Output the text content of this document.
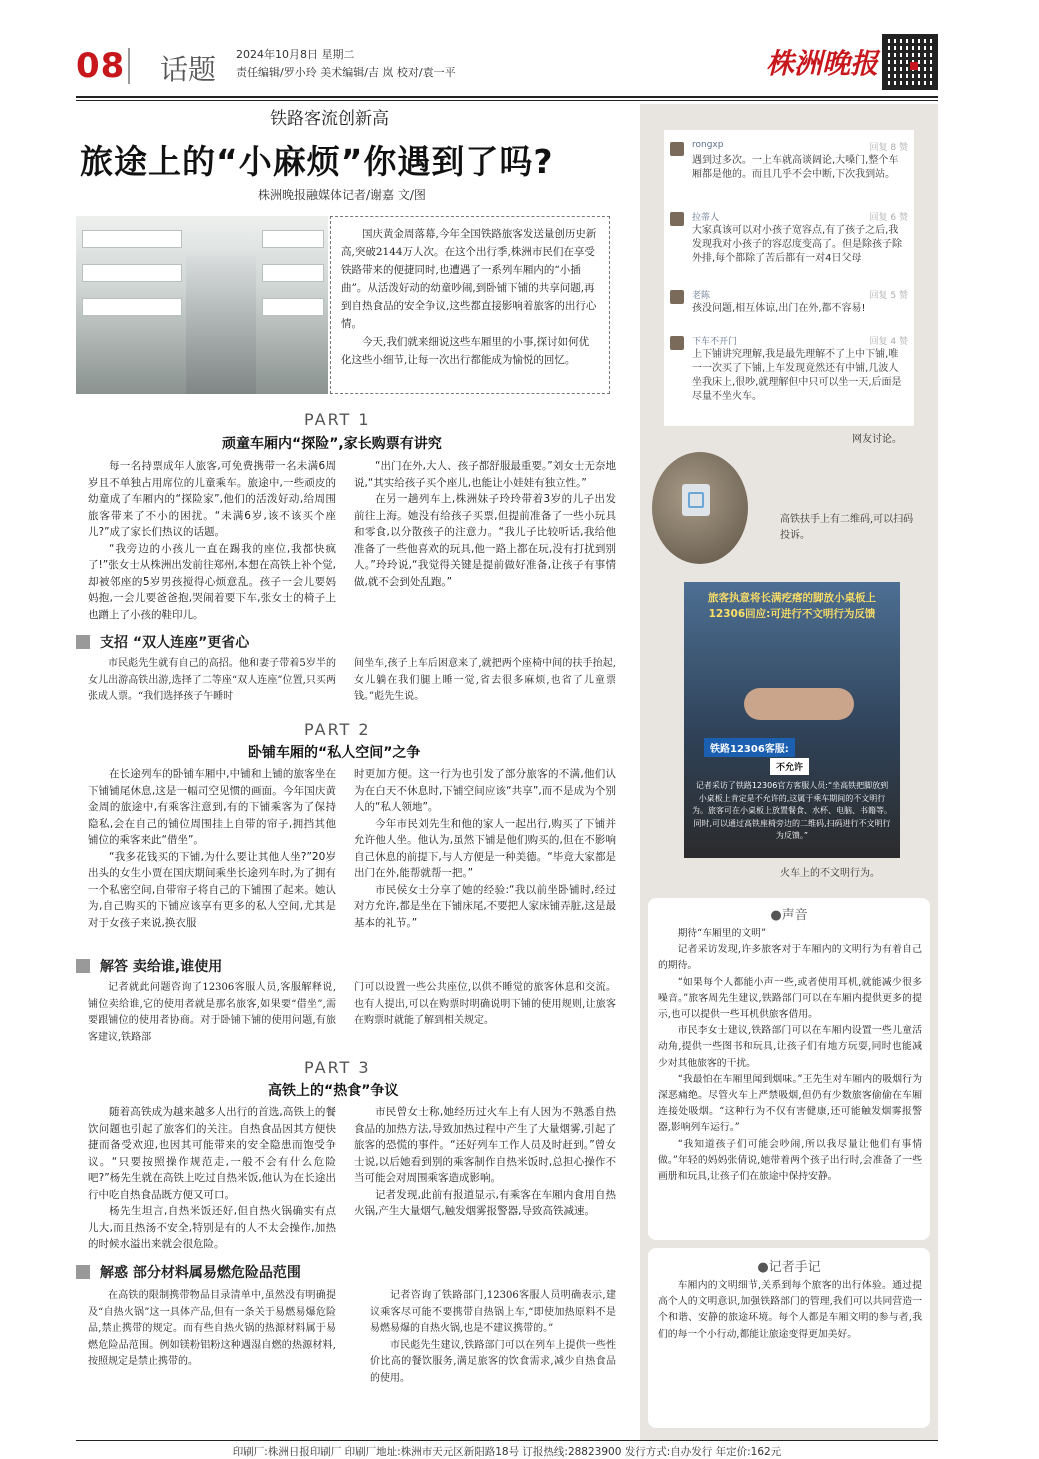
08 话题 2024年10月8日 星期二
责任编辑/罗小玲 美术编辑/吉 岚 校对/袁一平	株洲晚报
铁路客流创新高
旅途上的“小麻烦”你遇到了吗?
株洲晚报融媒体记者/谢嘉 文/图

国庆黄金周落幕,今年全国铁路旅客发送量创历史新高,突破2144万人次。在这个出行季,株洲市民们在享受铁路带来的便捷同时,也遭遇了一系列车厢内的“小插曲”。从活泼好动的幼童吵闹,到卧铺下铺的共享问题,再到自热食品的安全争议,这些都直接影响着旅客的出行心情。

今天,我们就来细说这些车厢里的小事,探讨如何优化这些小细节,让每一次出行都能成为愉悦的回忆。

PART 1
顽童车厢内“探险”,家长购票有讲究

每一名持票成年人旅客,可免费携带一名未满6周岁且不单独占用席位的儿童乘车。旅途中,一些顽皮的幼童成了车厢内的“探险家”,他们的活泼好动,给周围旅客带来了不小的困扰。“未满6岁,该不该买个座儿?”成了家长们热议的话题。

“我旁边的小孩儿一直在踢我的座位,我都快疯了!”张女士从株洲出发前往郑州,本想在高铁上补个觉,却被邻座的5岁男孩搅得心烦意乱。孩子一会儿要妈妈抱,一会儿要爸爸抱,哭闹着要下车,张女士的椅子上也蹭上了小孩的鞋印儿。

“出门在外,大人、孩子都舒服最重要。”刘女士无奈地说,“其实给孩子买个座儿,也能让小娃娃有独立性。”

在另一趟列车上,株洲妹子玲玲带着3岁的儿子出发前往上海。她没有给孩子买票,但提前准备了一些小玩具和零食,以分散孩子的注意力。“我儿子比较听话,我给他准备了一些他喜欢的玩具,他一路上都在玩,没有打扰到别人。”玲玲说,“我觉得关键是提前做好准备,让孩子有事情做,就不会到处乱跑。”

支招 “双人连座”更省心

市民彪先生就有自己的高招。他和妻子带着5岁半的女儿出游高铁出游,选择了二等座“双人连座”位置,只买两张成人票。“我们选择孩子午睡时

间坐车,孩子上车后困意来了,就把两个座椅中间的扶手抬起,女儿躺在我们腿上睡一觉,省去很多麻烦,也省了儿童票钱。”彪先生说。
PART 2
卧铺车厢的“私人空间”之争

在长途列车的卧铺车厢中,中铺和上铺的旅客坐在下铺铺尾休息,这是一幅司空见惯的画面。今年国庆黄金周的旅途中,有乘客注意到,有的下铺乘客为了保持隐私,会在自己的铺位周围挂上自带的帘子,拥挡其他铺位的乘客来此“借坐”。

“我多花钱买的下铺,为什么要让其他人坐?”20岁出头的女生小贾在国庆期间乘坐长途列车时,为了拥有一个私密空间,自带帘子将自己的下铺围了起来。她认为,自己购买的下铺应该享有更多的私人空间,尤其是对于女孩子来说,换衣服

时更加方便。这一行为也引发了部分旅客的不满,他们认为在白天不休息时,下铺空间应该“共享”,而不是成为个别人的“私人领地”。

今年市民刘先生和他的家人一起出行,购买了下铺并允许他人坐。他认为,虽然下铺是他们购买的,但在不影响自己休息的前提下,与人方便是一种美德。“毕竟大家都是出门在外,能帮就帮一把。”

市民侯女士分享了她的经验:“我以前坐卧铺时,经过对方允许,都是坐在下铺床尾,不要把人家床铺弄脏,这是最基本的礼节。”

解答 卖给谁,谁使用

记者就此问题咨询了12306客服人员,客服解释说,铺位卖给谁,它的使用者就是那名旅客,如果要“借坐”,需要跟铺位的使用者协商。对于卧铺下铺的使用问题,有旅客建议,铁路部

门可以设置一些公共座位,以供不睡觉的旅客休息和交流。也有人提出,可以在购票时明确说明下铺的使用规则,让旅客在购票时就能了解到相关规定。
PART 3
高铁上的“热食”争议

随着高铁成为越来越多人出行的首选,高铁上的餐饮问题也引起了旅客们的关注。自热食品因其方便快捷而备受欢迎,也因其可能带来的安全隐患而饱受争议。“只要按照操作规范走,一般不会有什么危险吧?”杨先生就在高铁上吃过自热米饭,他认为在长途出行中吃自热食品既方便又可口。

杨先生坦言,自热米饭还好,但自热火锅确实有点儿大,而且热汤不安全,特别是有的人不太会操作,加热的时候水溢出来就会很危险。

市民曾女士称,她经历过火车上有人因为不熟悉自热食品的加热方法,导致加热过程中产生了大量烟雾,引起了旅客的恐慌的事件。“还好列车工作人员及时赶到。”曾女士说,以后她看到别的乘客制作自热米饭时,总担心操作不当可能会对周围乘客造成影响。

记者发现,此前有报道显示,有乘客在车厢内食用自热火锅,产生大量烟气,触发烟雾报警器,导致高铁减速。

解惑 部分材料属易燃危险品范围

在高铁的限制携带物品目录清单中,虽然没有明确提及“自热火锅”这一具体产品,但有一条关于易燃易爆危险品,禁止携带的规定。而有些自热火锅的热源材料属于易燃危险品范围。例如镁粉铝粉这种遇湿自燃的热源材料,按照规定是禁止携带的。

记者咨询了铁路部门,12306客服人员明确表示,建议乘客尽可能不要携带自热锅上车,“即使加热原料不是易燃易爆的自热火锅,也是不建议携带的。”

市民彪先生建议,铁路部门可以在列车上提供一些性价比高的餐饮服务,满足旅客的饮食需求,减少自热食品的使用。

rongxp	回复 8 赞
遇到过多次。一上车就高谈阔论,大嗓门,整个车厢都是他的。而且几乎不会中断,下次我到站。
拉蒂人	回复 6 赞
大家真该可以对小孩子宽容点,有了孩子之后,我发现我对小孩子的容忍度变高了。但是除孩子除外排,每个都除了苦后都有一对4日父母
老陈	回复 5 赞
孩没问题,相互体谅,出门在外,都不容易!
下车不开门	回复 4 赞
上下铺讲究理解,我是最先理解不了上中下铺,唯一一次买了下铺,上车发现竟然还有中铺,几波人坐我床上,很吵,就理解但中只可以坐一天,后面是尽量不坐火车。
网友讨论。
高铁扶手上有二维码,可以扫码投诉。
旅客执意将长满疙瘩的脚放小桌板上 12306回应:可进行不文明行为反馈
铁路12306客服:
不允许
记者采访了铁路12306官方客服人员:“坐高铁把脚放到小桌板上肯定是不允许的,这属于乘车期间的不文明行为。旅客可在小桌板上放置餐食、水杯、电脑、书籍等。同时,可以通过高铁座椅旁边的二维码,扫码进行不文明行为反馈。”
火车上的不文明行为。
●声音

期待“车厢里的文明”

记者采访发现,许多旅客对于车厢内的文明行为有着自己的期待。

“如果每个人都能小声一些,或者使用耳机,就能减少很多噪音。”旅客周先生建议,铁路部门可以在车厢内提供更多的提示,也可以提供一些耳机供旅客借用。

市民李女士建议,铁路部门可以在车厢内设置一些儿童活动角,提供一些图书和玩具,让孩子们有地方玩耍,同时也能减少对其他旅客的干扰。

“我最怕在车厢里闻到烟味。”王先生对车厢内的吸烟行为深恶痛绝。尽管火车上严禁吸烟,但仍有少数旅客偷偷在车厢连接处吸烟。“这种行为不仅有害健康,还可能触发烟雾报警器,影响列车运行。”

“我知道孩子们可能会吵闹,所以我尽量让他们有事情做。”年轻的妈妈张倩说,她带着两个孩子出行时,会准备了一些画册和玩具,让孩子们在旅途中保持安静。

●记者手记

车厢内的文明细节,关系到每个旅客的出行体验。通过提高个人的文明意识,加强铁路部门的管理,我们可以共同营造一个和谐、安静的旅途环境。每个人都是车厢文明的参与者,我们的每一个小行动,都能让旅途变得更加美好。

印刷厂:株洲日报印刷厂 印刷厂地址:株洲市天元区新阳路18号 订报热线:28823900 发行方式:自办发行 年定价:162元
